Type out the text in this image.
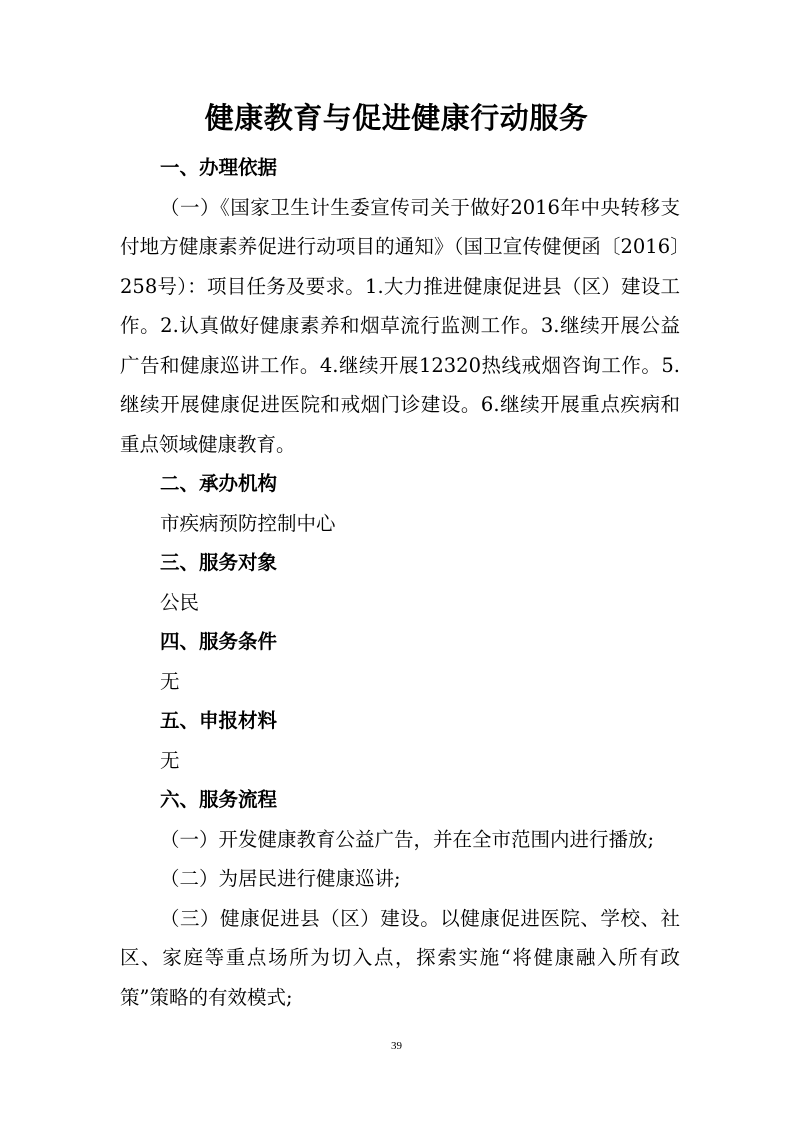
健康教育与促进健康行动服务

一、办理依据

（一）《国家卫生计生委宣传司关于做好2016年中央转移支付地方健康素养促进行动项目的通知》（国卫宣传健便函〔2016〕258号）：项目任务及要求。1.大力推进健康促进县（区）建设工作。2.认真做好健康素养和烟草流行监测工作。3.继续开展公益广告和健康巡讲工作。4.继续开展12320热线戒烟咨询工作。5.继续开展健康促进医院和戒烟门诊建设。6.继续开展重点疾病和重点领域健康教育。

二、承办机构

市疾病预防控制中心

三、服务对象

公民

四、服务条件

无

五、申报材料

无

六、服务流程

（一）开发健康教育公益广告，并在全市范围内进行播放;

（二）为居民进行健康巡讲;

（三）健康促进县（区）建设。以健康促进医院、学校、社区、家庭等重点场所为切入点，探索实施“将健康融入所有政策”策略的有效模式;

39
